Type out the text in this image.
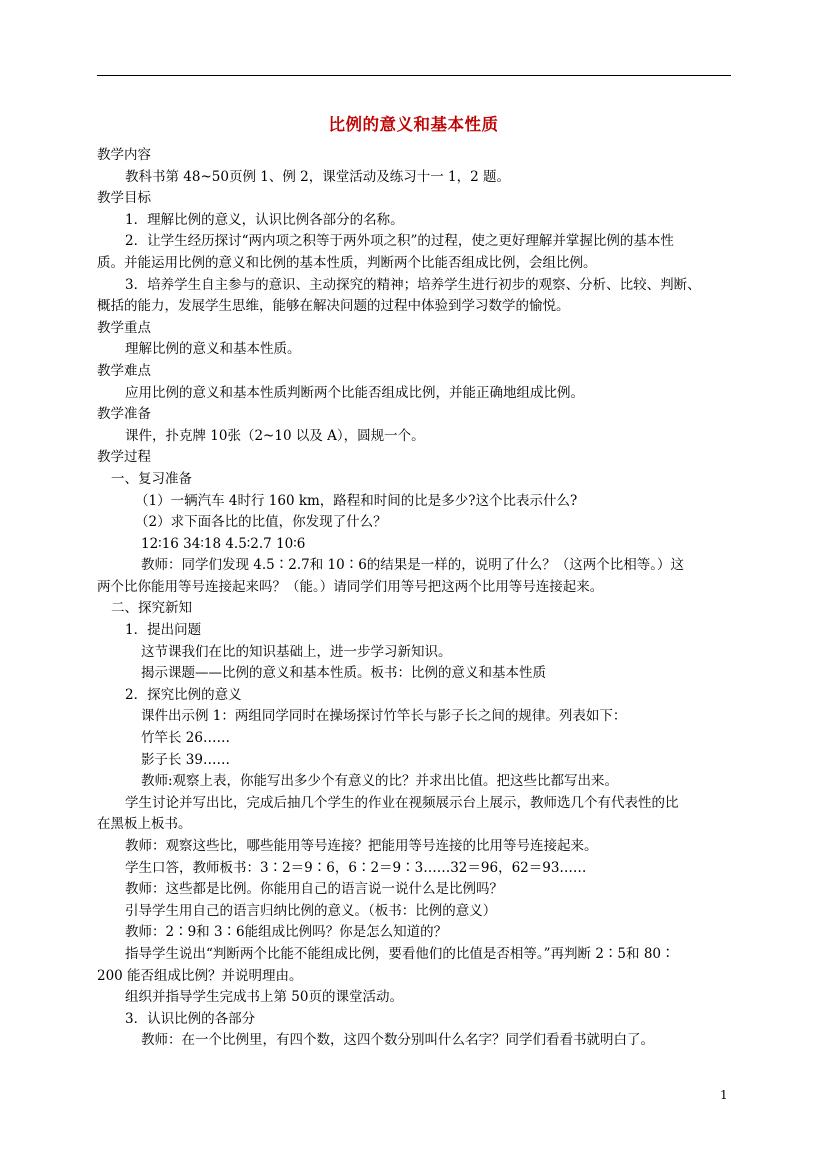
比例的意义和基本性质
教学内容
教科书第 48~50页例 1、例 2，课堂活动及练习十一 1，2 题。
教学目标
1．理解比例的意义，认识比例各部分的名称。
2．让学生经历探讨“两内项之积等于两外项之积”的过程，使之更好理解并掌握比例的基本性
质。并能运用比例的意义和比例的基本性质，判断两个比能否组成比例，会组比例。
3．培养学生自主参与的意识、主动探究的精神；培养学生进行初步的观察、分析、比较、判断、
概括的能力，发展学生思维，能够在解决问题的过程中体验到学习数学的愉悦。
教学重点
理解比例的意义和基本性质。
教学难点
应用比例的意义和基本性质判断两个比能否组成比例，并能正确地组成比例。
教学准备
课件，扑克牌 10张（2~10 以及 A），圆规一个。
教学过程
一、复习准备
（1）一辆汽车 4时行 160 km，路程和时间的比是多少?这个比表示什么?
（2）求下面各比的比值，你发现了什么？
12∶16 34∶18 4.5∶2.7 10∶6
教师：同学们发现 4.5∶2.7和 10∶6的结果是一样的，说明了什么？（这两个比相等。）这
两个比你能用等号连接起来吗？（能。）请同学们用等号把这两个比用等号连接起来。
二、探究新知
1．提出问题
这节课我们在比的知识基础上，进一步学习新知识。
揭示课题——比例的意义和基本性质。板书：比例的意义和基本性质
2．探究比例的意义
课件出示例 1：两组同学同时在操场探讨竹竿长与影子长之间的规律。列表如下：
竹竿长 26……
影子长 39……
教师:观察上表，你能写出多少个有意义的比？并求出比值。把这些比都写出来。
学生讨论并写出比，完成后抽几个学生的作业在视频展示台上展示，教师选几个有代表性的比
在黑板上板书。
教师：观察这些比，哪些能用等号连接？把能用等号连接的比用等号连接起来。
学生口答，教师板书：3∶2＝9∶6，6∶2＝9∶3……32＝96，62＝93……
教师：这些都是比例。你能用自己的语言说一说什么是比例吗？
引导学生用自己的语言归纳比例的意义。（板书：比例的意义）
教师：2∶9和 3∶6能组成比例吗？你是怎么知道的？
指导学生说出“判断两个比能不能组成比例，要看他们的比值是否相等。”再判断 2∶5和 80∶
200 能否组成比例？并说明理由。
组织并指导学生完成书上第 50页的课堂活动。
3．认识比例的各部分
教师：在一个比例里，有四个数，这四个数分别叫什么名字？同学们看看书就明白了。
1
